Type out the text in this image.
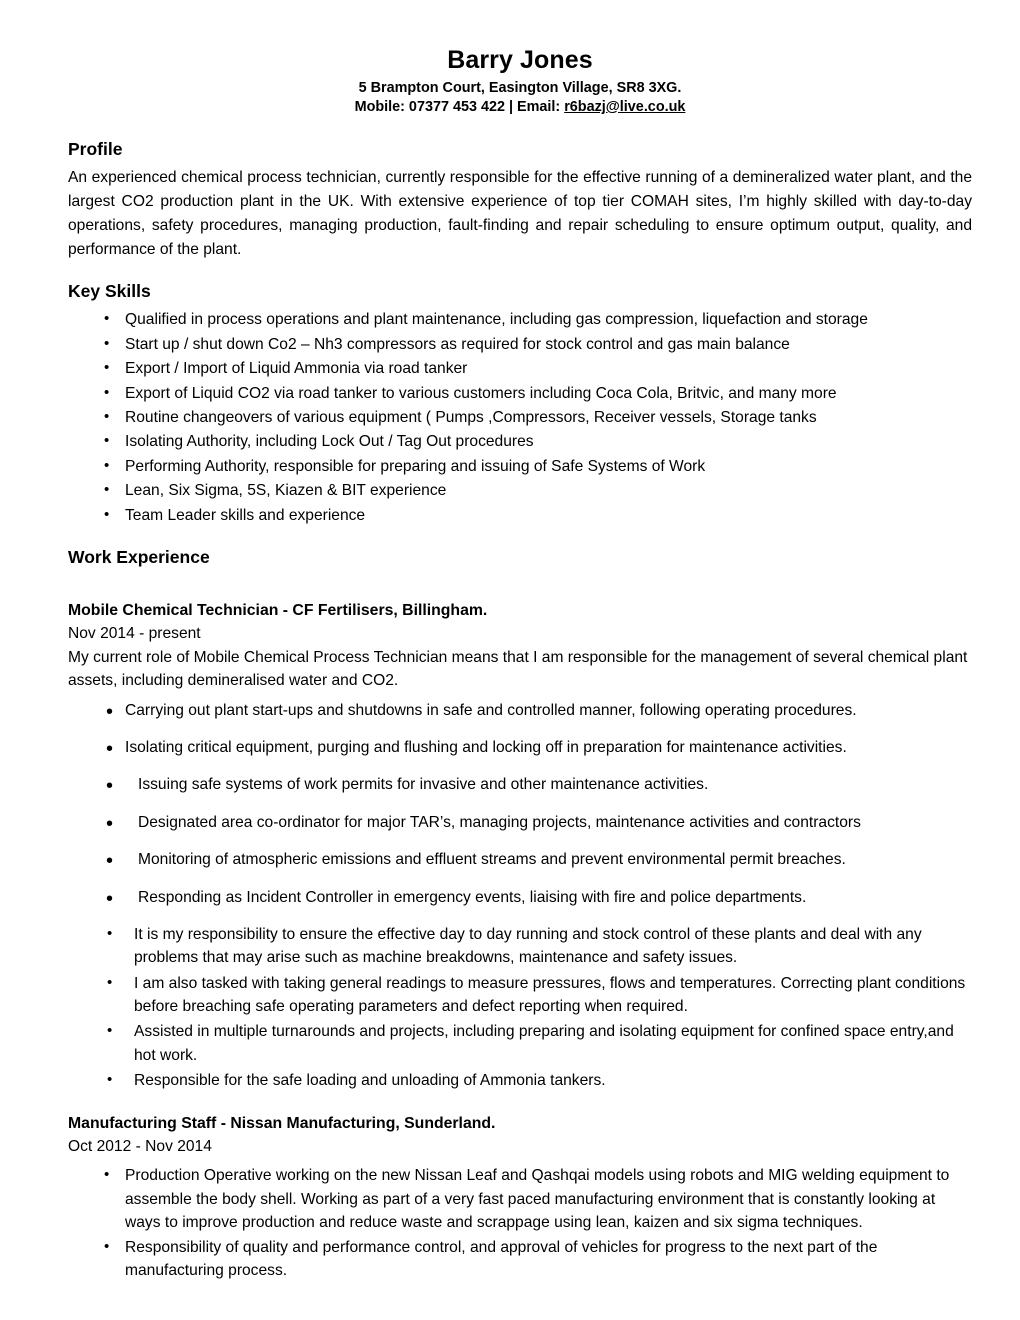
Barry Jones
5 Brampton Court, Easington Village, SR8 3XG.
Mobile: 07377 453 422 | Email: r6bazj@live.co.uk
Profile

An experienced chemical process technician, currently responsible for the effective running of a demineralized water plant, and the largest CO2 production plant in the UK. With extensive experience of top tier COMAH sites, I’m highly skilled with day-to-day operations, safety procedures, managing production, fault-finding and repair scheduling to ensure optimum output, quality, and performance of the plant.

Key Skills
• Qualified in process operations and plant maintenance, including gas compression, liquefaction and storage
• Start up / shut down Co2 – Nh3 compressors as required for stock control and gas main balance
• Export / Import of Liquid Ammonia via road tanker
• Export of Liquid CO2 via road tanker to various customers including Coca Cola, Britvic, and many more
• Routine changeovers of various equipment ( Pumps ,Compressors, Receiver vessels, Storage tanks
• Isolating Authority, including Lock Out / Tag Out procedures
• Performing Authority, responsible for preparing and issuing of Safe Systems of Work
• Lean, Six Sigma, 5S, Kiazen & BIT experience
• Team Leader skills and experience
Work Experience

Mobile Chemical Technician - CF Fertilisers, Billingham.

Nov 2014 - present

My current role of Mobile Chemical Process Technician means that I am responsible for the management of several chemical plant assets, including demineralised water and CO2.

• Carrying out plant start-ups and shutdowns in safe and controlled manner, following operating procedures.
• Isolating critical equipment, purging and flushing and locking off in preparation for maintenance activities.
• Issuing safe systems of work permits for invasive and other maintenance activities.
• Designated area co-ordinator for major TAR’s, managing projects, maintenance activities and contractors
• Monitoring of atmospheric emissions and effluent streams and prevent environmental permit breaches.
• Responding as Incident Controller in emergency events, liaising with fire and police departments.
• It is my responsibility to ensure the effective day to day running and stock control of these plants and deal with any problems that may arise such as machine breakdowns, maintenance and safety issues.
• I am also tasked with taking general readings to measure pressures, flows and temperatures. Correcting plant conditions before breaching safe operating parameters and defect reporting when required.
• Assisted in multiple turnarounds and projects, including preparing and isolating equipment for confined space entry,and hot work.
• Responsible for the safe loading and unloading of Ammonia tankers.

Manufacturing Staff - Nissan Manufacturing, Sunderland.

Oct 2012 - Nov 2014

• Production Operative working on the new Nissan Leaf and Qashqai models using robots and MIG welding equipment to assemble the body shell. Working as part of a very fast paced manufacturing environment that is constantly looking at ways to improve production and reduce waste and scrappage using lean, kaizen and six sigma techniques.
• Responsibility of quality and performance control, and approval of vehicles for progress to the next part of the manufacturing process.
